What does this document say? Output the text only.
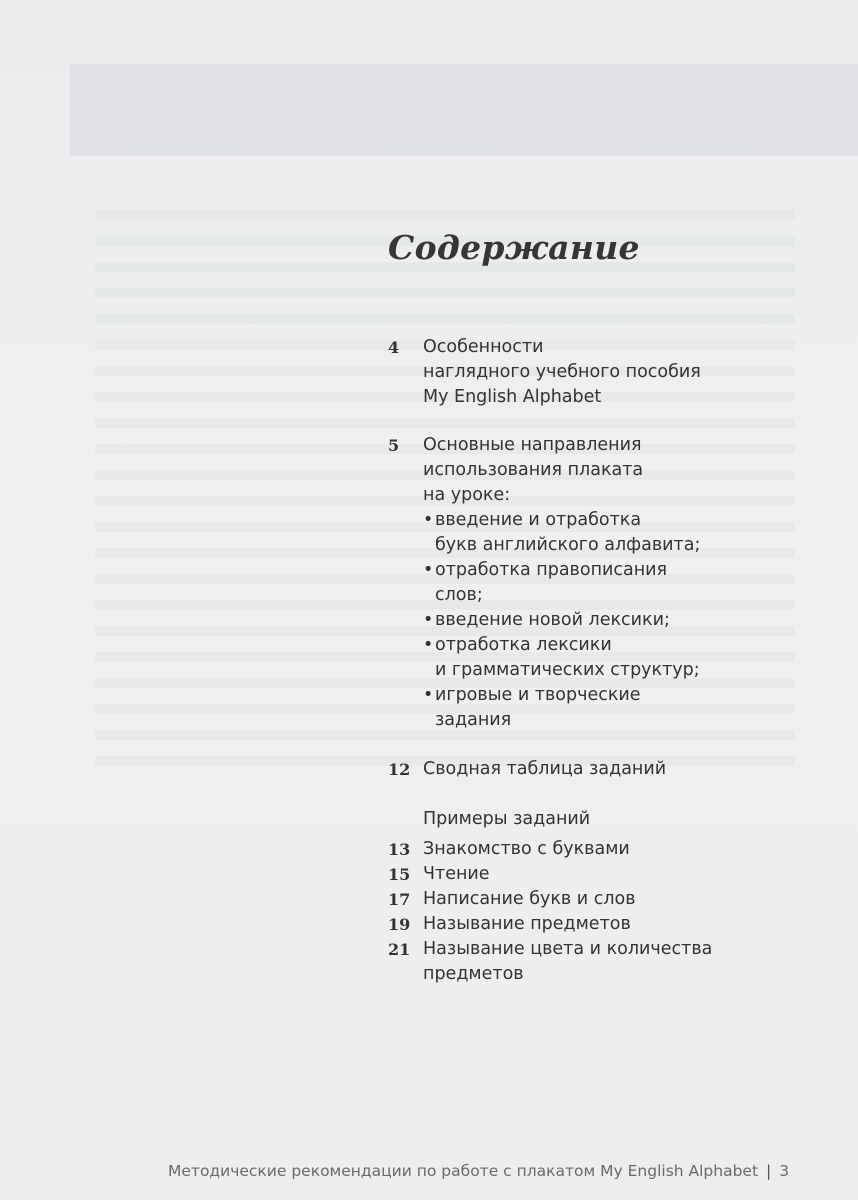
Содержание
4	Особенности
наглядного учебного пособия
My English Alphabet
5	Основные направления
использования плаката
на уроке:
•введение и отработка
букв английского алфавита;
•отработка правописания
слов;
•введение новой лексики;
•отработка лексики
и грамматических структур;
•игровые и творческие
задания
12 Сводная таблица заданий
Примеры заданий
13 Знакомство с буквами
15 Чтение
17 Написание букв и слов
19 Называние предметов
21 Называние цвета и количества
предметов
Методические рекомендации по работе с плакатом My English Alphabet | 3
